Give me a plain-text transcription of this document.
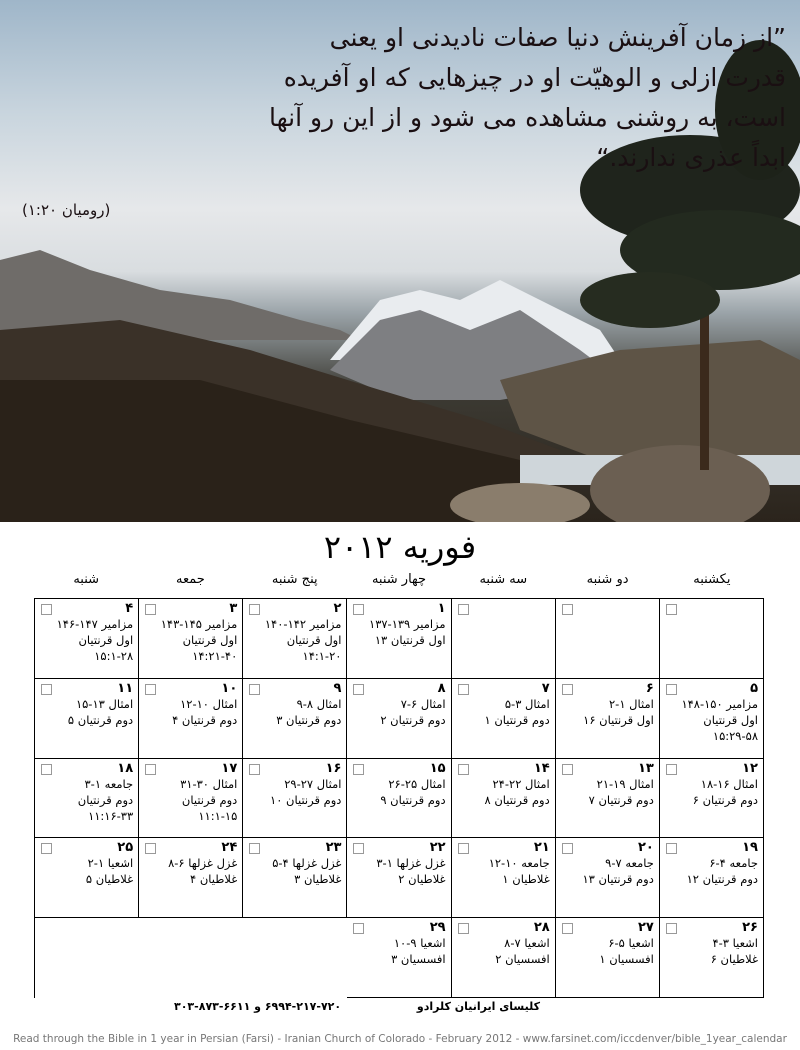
”از زمان آفرینش دنیا صفات نادیدنی او یعنی قدرت ازلی و الوهیّت او در چیزهایی که او آفریده است، به روشنی مشاهده می شود و از این رو آنها ابداً عذری ندارند.“
(رومیان ۱:۲۰)
فوریه ۲۰۱۲
یکشنبه
دو شنبه
سه شنبه
چهار شنبه
پنج شنبه
جمعه
شنبه
۱
مزامیر ۱۳۹-۱۳۷
اول قرنتیان ۱۳
۲
مزامیر ۱۴۲-۱۴۰
اول قرنتیان
۱۴:۱-۲۰
۳
مزامیر ۱۴۵-۱۴۳
اول قرنتیان
۱۴:۲۱-۴۰
۴
مزامیر ۱۴۷-۱۴۶
اول قرنتیان
۱۵:۱-۲۸
۵
مزامیر ۱۵۰-۱۴۸
اول قرنتیان
۱۵:۲۹-۵۸
۶
امثال ۱-۲
اول قرنتیان ۱۶
۷
امثال ۳-۵
دوم قرنتیان ۱
۸
امثال ۶-۷
دوم قرنتیان ۲
۹
امثال ۸-۹
دوم قرنتیان ۳
۱۰
امثال ۱۰-۱۲
دوم قرنتیان ۴
۱۱
امثال ۱۳-۱۵
دوم قرنتیان ۵
۱۲
امثال ۱۶-۱۸
دوم قرنتیان ۶
۱۳
امثال ۱۹-۲۱
دوم قرنتیان ۷
۱۴
امثال ۲۲-۲۴
دوم قرنتیان ۸
۱۵
امثال ۲۵-۲۶
دوم قرنتیان ۹
۱۶
امثال ۲۷-۲۹
دوم قرنتیان ۱۰
۱۷
امثال ۳۰-۳۱
دوم قرنتیان
۱۱:۱-۱۵
۱۸
جامعه ۱-۳
دوم قرنتیان
۱۱:۱۶-۳۳
۱۹
جامعه ۴-۶
دوم قرنتیان ۱۲
۲۰
جامعه ۷-۹
دوم قرنتیان ۱۳
۲۱
جامعه ۱۰-۱۲
غلاطیان ۱
۲۲
غزل غزلها ۱-۳
غلاطیان ۲
۲۳
غزل غزلها ۴-۵
غلاطیان ۳
۲۴
غزل غزلها ۶-۸
غلاطیان ۴
۲۵
اشعیا ۱-۲
غلاطیان ۵
۲۶
اشعیا ۳-۴
غلاطیان ۶
۲۷
اشعیا ۵-۶
افسسیان ۱
۲۸
اشعیا ۷-۸
افسسیان ۲
۲۹
اشعیا ۹-۱۰
افسسیان ۳
کلیسای ایرانیان کلرادو
۶۹۹۴-۲۱۷-۷۲۰ و ۶۶۱۱-۸۷۳-۳۰۳
Read through the Bible in 1 year in Persian (Farsi) - Iranian Church of Colorado - February 2012 - www.farsinet.com/iccdenver/bible_1year_calendar
